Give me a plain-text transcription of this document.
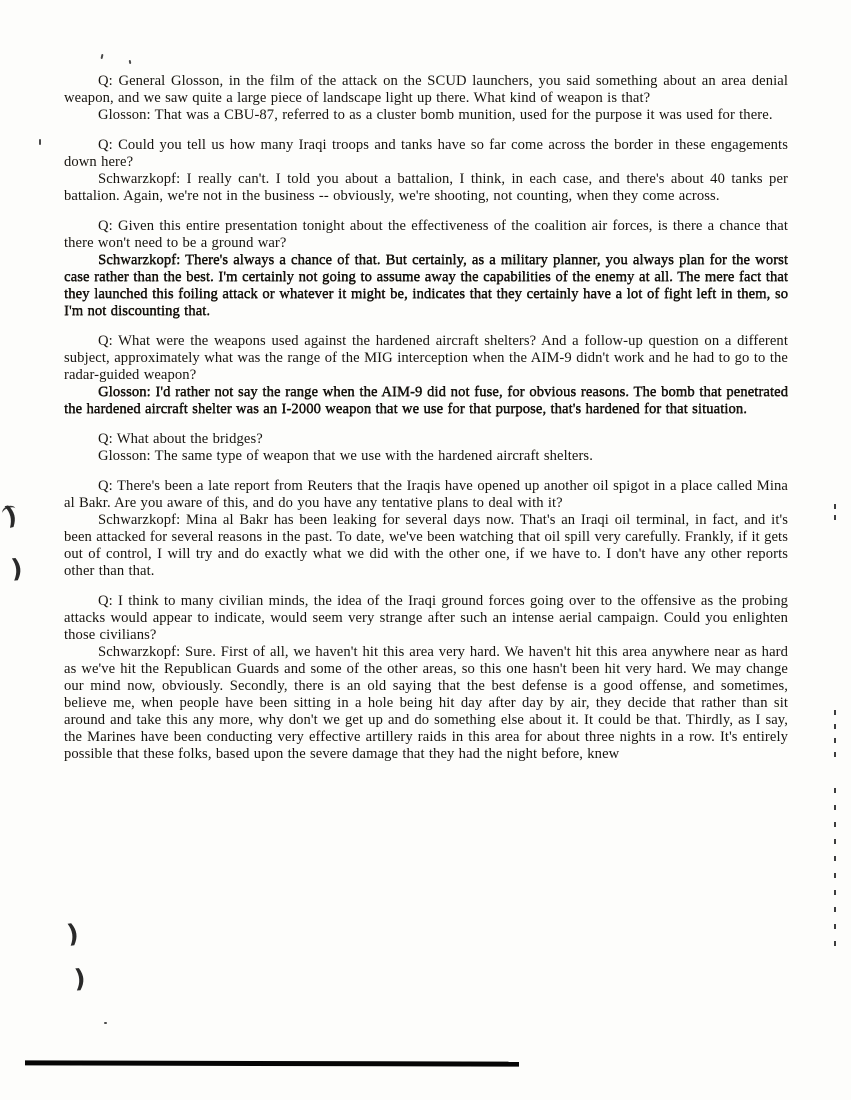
Q: General Glosson, in the film of the attack on the SCUD launchers, you said something about an area denial weapon, and we saw quite a large piece of landscape light up there. What kind of weapon is that?

Glosson: That was a CBU-87, referred to as a cluster bomb munition, used for the purpose it was used for there.

Q: Could you tell us how many Iraqi troops and tanks have so far come across the border in these engagements down here?

Schwarzkopf: I really can't. I told you about a battalion, I think, in each case, and there's about 40 tanks per battalion. Again, we're not in the business -- obviously, we're shooting, not counting, when they come across.

Q: Given this entire presentation tonight about the effectiveness of the coalition air forces, is there a chance that there won't need to be a ground war?

Schwarzkopf: There's always a chance of that. But certainly, as a military planner, you always plan for the worst case rather than the best. I'm certainly not going to assume away the capabilities of the enemy at all. The mere fact that they launched this foiling attack or whatever it might be, indicates that they certainly have a lot of fight left in them, so I'm not discounting that.

Q: What were the weapons used against the hardened aircraft shelters? And a follow-up question on a different subject, approximately what was the range of the MIG interception when the AIM-9 didn't work and he had to go to the radar-guided weapon?

Glosson: I'd rather not say the range when the AIM-9 did not fuse, for obvious reasons. The bomb that penetrated the hardened aircraft shelter was an I-2000 weapon that we use for that purpose, that's hardened for that situation.

Q: What about the bridges?

Glosson: The same type of weapon that we use with the hardened aircraft shelters.

Q: There's been a late report from Reuters that the Iraqis have opened up another oil spigot in a place called Mina al Bakr. Are you aware of this, and do you have any tentative plans to deal with it?

Schwarzkopf: Mina al Bakr has been leaking for several days now. That's an Iraqi oil terminal, in fact, and it's been attacked for several reasons in the past. To date, we've been watching that oil spill very carefully. Frankly, if it gets out of control, I will try and do exactly what we did with the other one, if we have to. I don't have any other reports other than that.

Q: I think to many civilian minds, the idea of the Iraqi ground forces going over to the offensive as the probing attacks would appear to indicate, would seem very strange after such an intense aerial campaign. Could you enlighten those civilians?

Schwarzkopf: Sure. First of all, we haven't hit this area very hard. We haven't hit this area anywhere near as hard as we've hit the Republican Guards and some of the other areas, so this one hasn't been hit very hard. We may change our mind now, obviously. Secondly, there is an old saying that the best defense is a good offense, and sometimes, believe me, when people have been sitting in a hole being hit day after day by air, they decide that rather than sit around and take this any more, why don't we get up and do something else about it. It could be that. Thirdly, as I say, the Marines have been conducting very effective artillery raids in this area for about three nights in a row. It's entirely possible that these folks, based upon the severe damage that they had the night before, knew

)
)
)
)
